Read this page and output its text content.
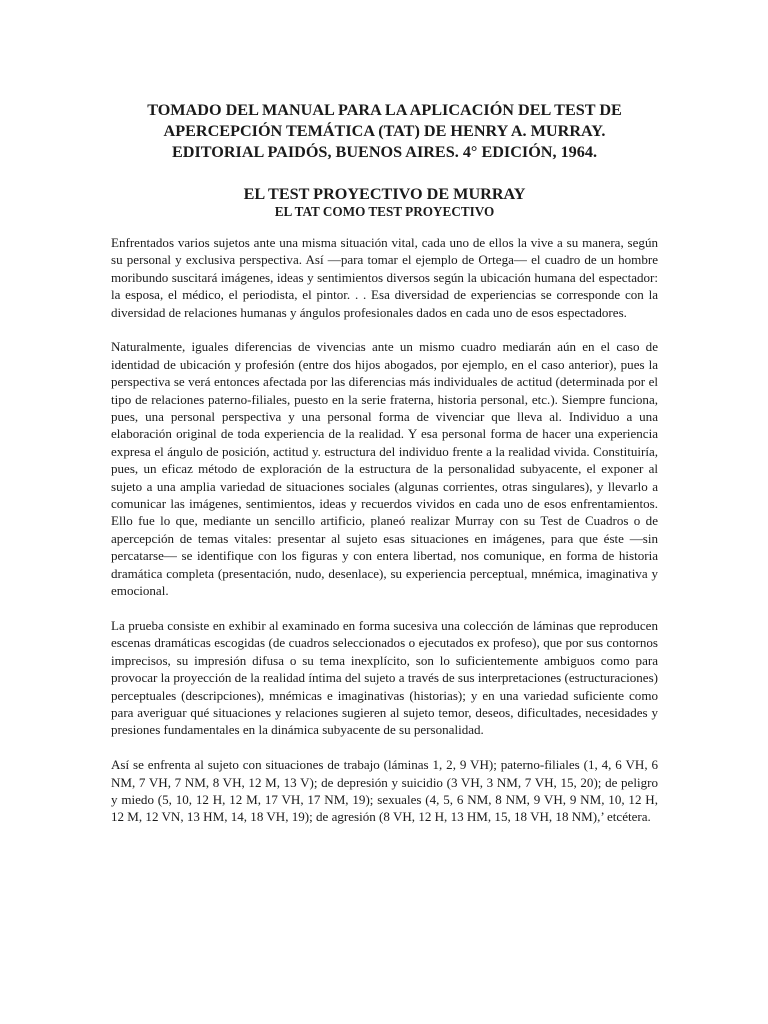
TOMADO DEL MANUAL PARA LA APLICACIÓN DEL TEST DE
APERCEPCIÓN TEMÁTICA (TAT) DE HENRY A. MURRAY.
EDITORIAL PAIDÓS, BUENOS AIRES. 4° EDICIÓN, 1964.
EL TEST PROYECTIVO DE MURRAY
EL TAT COMO TEST PROYECTIVO

Enfrentados varios sujetos ante una misma situación vital, cada uno de ellos la vive a su manera, según su personal y exclusiva perspectiva. Así —para tomar el ejemplo de Ortega— el cuadro de un hombre moribundo suscitará imágenes, ideas y sentimientos diversos según la ubicación humana del espectador: la esposa, el médico, el periodista, el pintor. . . Esa diversidad de experiencias se corresponde con la diversidad de relaciones humanas y ángulos profesionales dados en cada uno de esos espectadores.

Naturalmente, iguales diferencias de vivencias ante un mismo cuadro mediarán aún en el caso de identidad de ubicación y profesión (entre dos hijos abogados, por ejemplo, en el caso anterior), pues la perspectiva se verá entonces afectada por las diferencias más individuales de actitud (determinada por el tipo de relaciones paterno-filiales, puesto en la serie fraterna, historia personal, etc.). Siempre funciona, pues, una personal perspectiva y una personal forma de vivenciar que lleva al. Individuo a una elaboración original de toda experiencia de la realidad. Y esa personal forma de hacer una experiencia expresa el ángulo de posición, actitud y. estructura del individuo frente a la realidad vivida. Constituiría, pues, un eficaz método de exploración de la estructura de la personalidad subyacente, el exponer al sujeto a una amplia variedad de situaciones sociales (algunas corrientes, otras singulares), y llevarlo a comunicar las imágenes, sentimientos, ideas y recuerdos vividos en cada uno de esos enfrentamientos. Ello fue lo que, mediante un sencillo artificio, planeó realizar Murray con su Test de Cuadros o de apercepción de temas vitales: presentar al sujeto esas situaciones en imágenes, para que éste —sin percatarse— se identifique con los figuras y con entera libertad, nos comunique, en forma de historia dramática completa (presentación, nudo, desenlace), su experiencia perceptual, mnémica, imaginativa y emocional.

La prueba consiste en exhibir al examinado en forma sucesiva una colección de láminas que reproducen escenas dramáticas escogidas (de cuadros seleccionados o ejecutados ex profeso), que por sus contornos imprecisos, su impresión difusa o su tema inexplícito, son lo suficientemente ambiguos como para provocar la proyección de la realidad íntima del sujeto a través de sus interpretaciones (estructuraciones) perceptuales (descripciones), mnémicas e imaginativas (historias); y en una variedad suficiente como para averiguar qué situaciones y relaciones sugieren al sujeto temor, deseos, dificultades, necesidades y presiones fundamentales en la dinámica subyacente de su personalidad.

Así se enfrenta al sujeto con situaciones de trabajo (láminas 1, 2, 9 VH); paterno-filiales (1, 4, 6 VH, 6 NM, 7 VH, 7 NM, 8 VH, 12 M, 13 V); de depresión y suicidio (3 VH, 3 NM, 7 VH, 15, 20); de peligro y miedo (5, 10, 12 H, 12 M, 17 VH, 17 NM, 19); sexuales (4, 5, 6 NM, 8 NM, 9 VH, 9 NM, 10, 12 H, 12 M, 12 VN, 13 HM, 14, 18 VH, 19); de agresión (8 VH, 12 H, 13 HM, 15, 18 VH, 18 NM),’ etcétera.
